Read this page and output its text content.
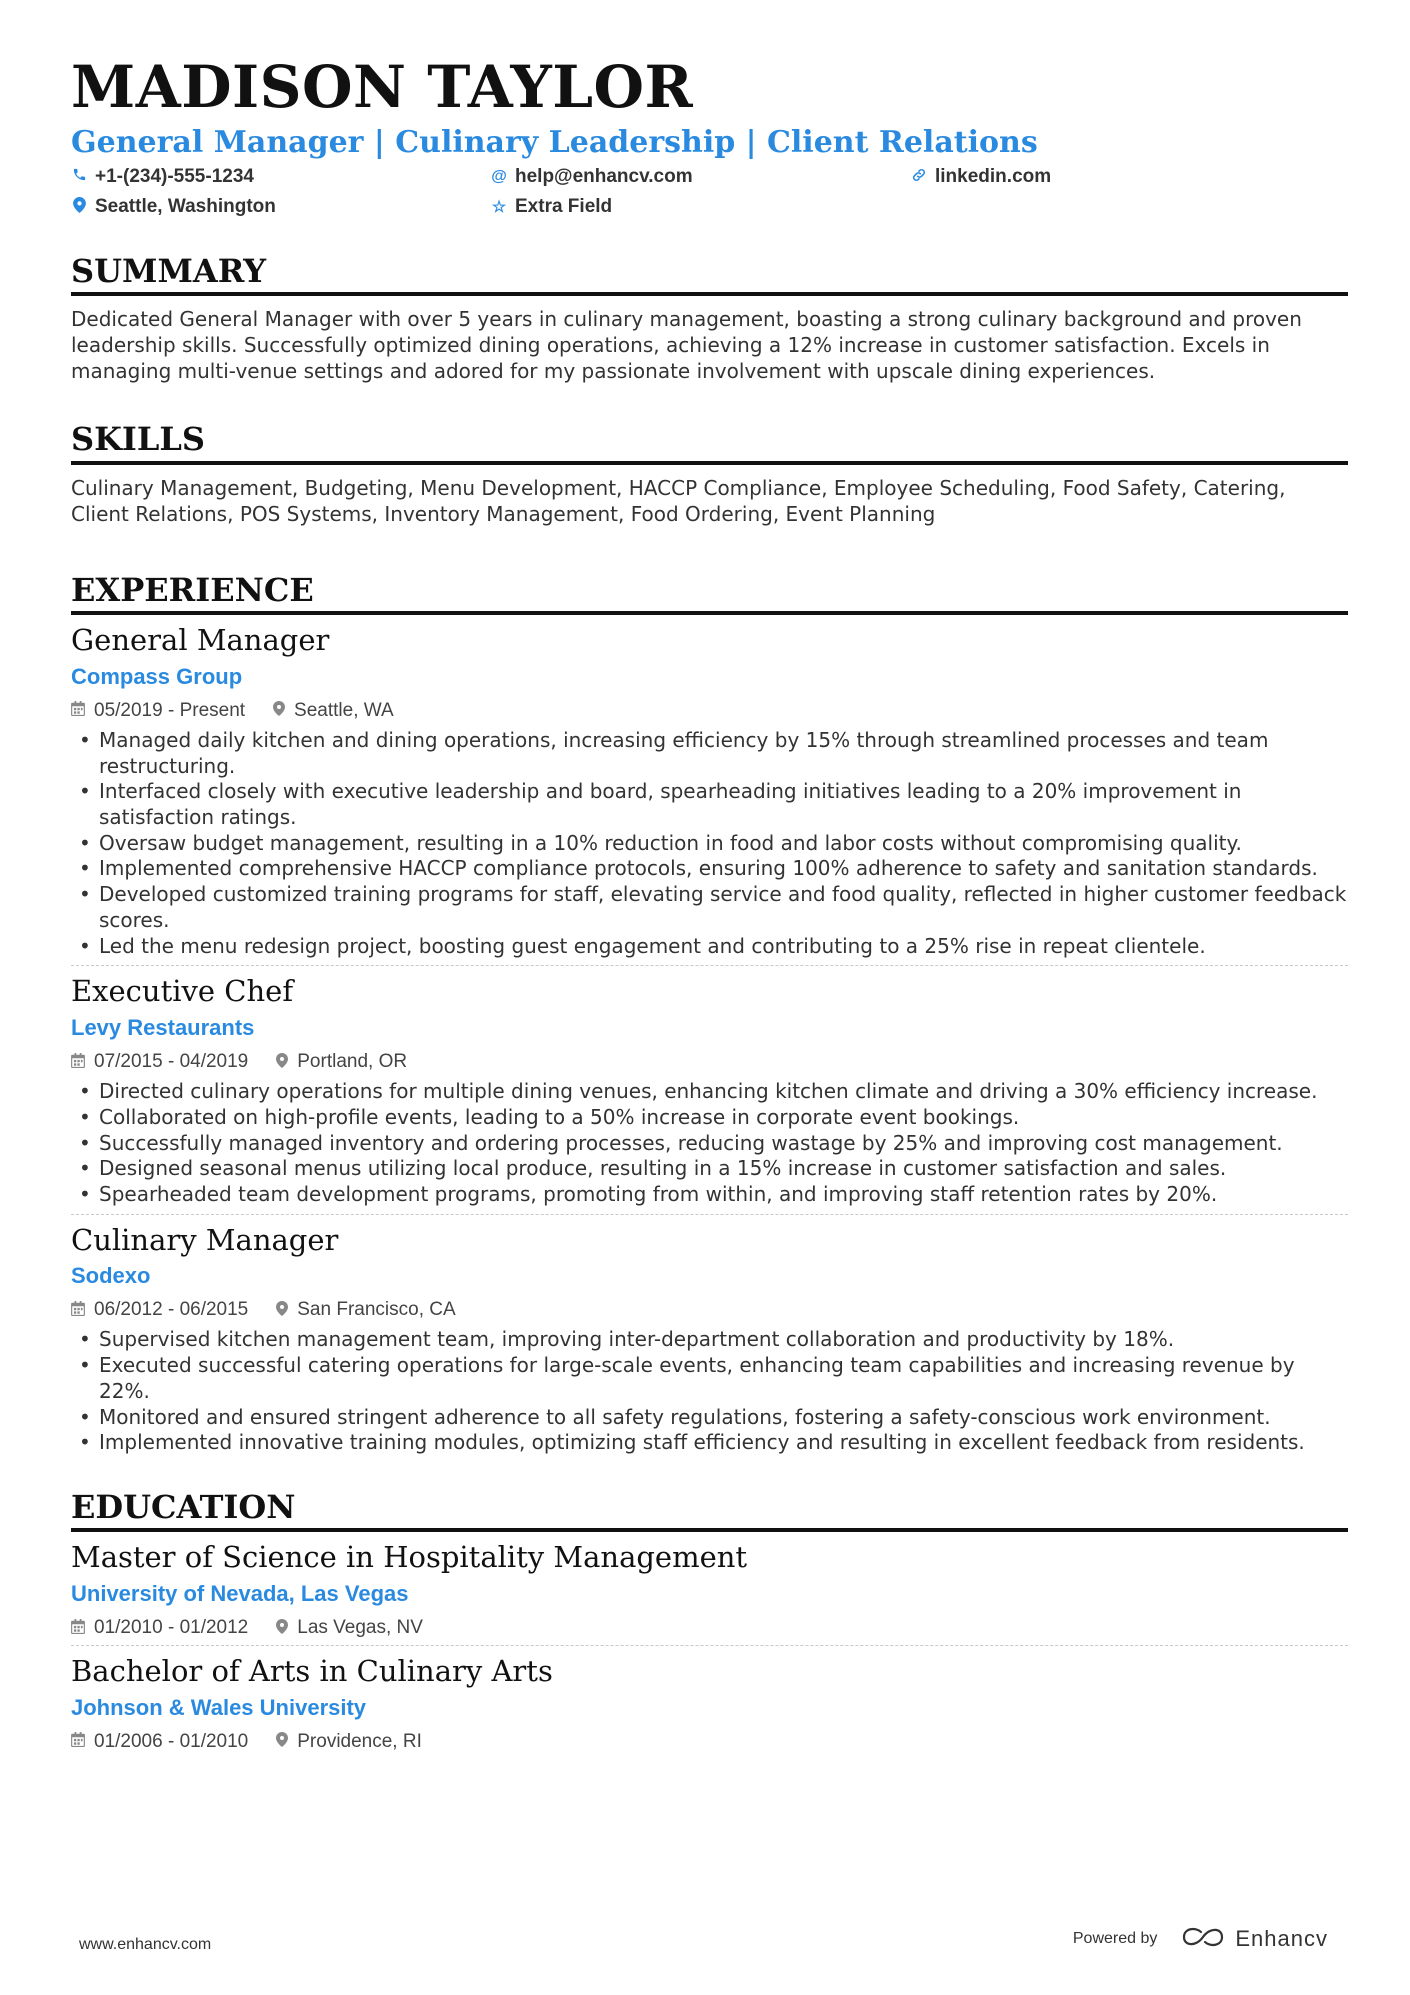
MADISON TAYLOR
General Manager | Culinary Leadership | Client Relations
+1-(234)-555-1234	@ help@enhancv.com	linkedin.com
Seattle, Washington	☆ Extra Field
SUMMARY
Dedicated General Manager with over 5 years in culinary management, boasting a strong culinary background and proven leadership skills. Successfully optimized dining operations, achieving a 12% increase in customer satisfaction. Excels in managing multi-venue settings and adored for my passionate involvement with upscale dining experiences.
SKILLS
Culinary Management, Budgeting, Menu Development, HACCP Compliance, Employee Scheduling, Food Safety, Catering, Client Relations, POS Systems, Inventory Management, Food Ordering, Event Planning
EXPERIENCE
General Manager
Compass Group
05/2019 - Present	Seattle, WA
• Managed daily kitchen and dining operations, increasing efficiency by 15% through streamlined processes and team restructuring.
• Interfaced closely with executive leadership and board, spearheading initiatives leading to a 20% improvement in satisfaction ratings.
• Oversaw budget management, resulting in a 10% reduction in food and labor costs without compromising quality.
• Implemented comprehensive HACCP compliance protocols, ensuring 100% adherence to safety and sanitation standards.
• Developed customized training programs for staff, elevating service and food quality, reflected in higher customer feedback scores.
• Led the menu redesign project, boosting guest engagement and contributing to a 25% rise in repeat clientele.
Executive Chef
Levy Restaurants
07/2015 - 04/2019	Portland, OR
• Directed culinary operations for multiple dining venues, enhancing kitchen climate and driving a 30% efficiency increase.
• Collaborated on high-profile events, leading to a 50% increase in corporate event bookings.
• Successfully managed inventory and ordering processes, reducing wastage by 25% and improving cost management.
• Designed seasonal menus utilizing local produce, resulting in a 15% increase in customer satisfaction and sales.
• Spearheaded team development programs, promoting from within, and improving staff retention rates by 20%.
Culinary Manager
Sodexo
06/2012 - 06/2015	San Francisco, CA
• Supervised kitchen management team, improving inter-department collaboration and productivity by 18%.
• Executed successful catering operations for large-scale events, enhancing team capabilities and increasing revenue by 22%.
• Monitored and ensured stringent adherence to all safety regulations, fostering a safety-conscious work environment.
• Implemented innovative training modules, optimizing staff efficiency and resulting in excellent feedback from residents.
EDUCATION
Master of Science in Hospitality Management
University of Nevada, Las Vegas
01/2010 - 01/2012	Las Vegas, NV
Bachelor of Arts in Culinary Arts
Johnson & Wales University
01/2006 - 01/2010	Providence, RI
www.enhancv.com	Powered by	Enhancv
